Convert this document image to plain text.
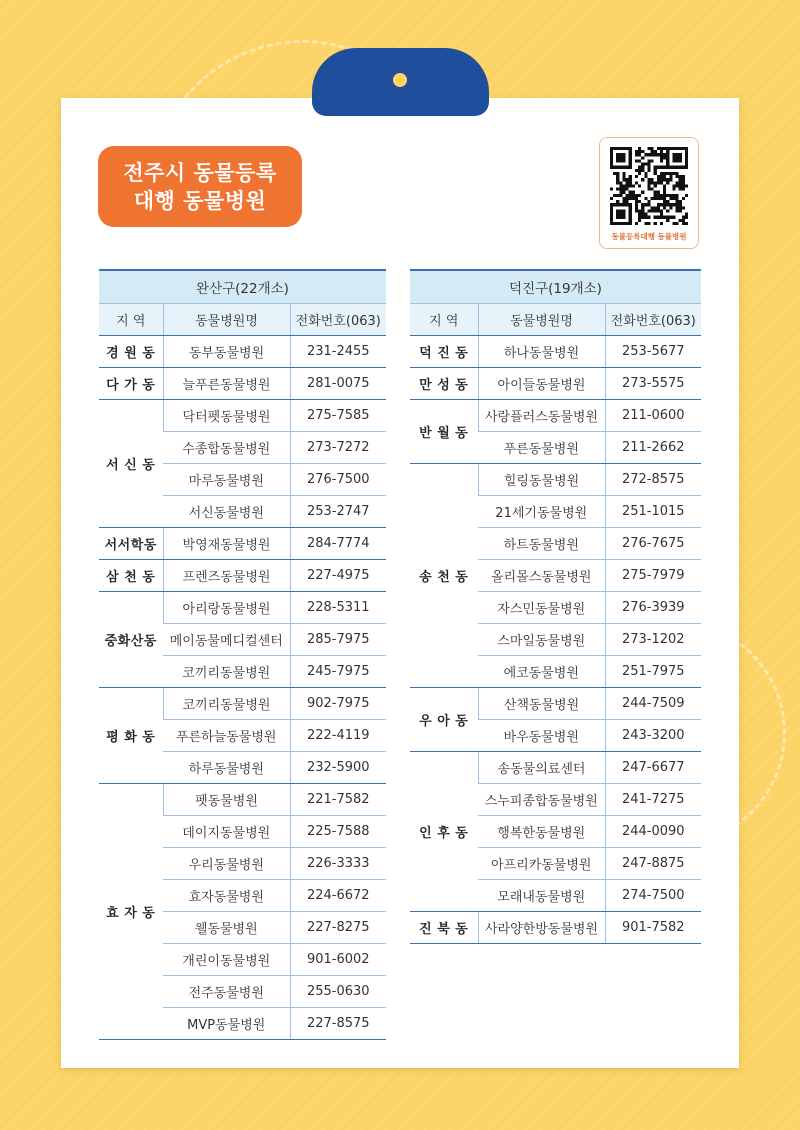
전주시 동물등록
대행 동물병원
동물등록대행 동물병원
완산구(22개소)		
지 역	동물병원명	전화번호(063)
경 원 동	동부동물병원	231-2455
다 가 동	늘푸른동물병원	281-0075
서 신 동	닥터펫동물병원	275-7585
	수종합동물병원	273-7272
	마루동물병원	276-7500
	서신동물병원	253-2747
서서학동	박영재동물병원	284-7774
삼 천 동	프렌즈동물병원	227-4975
중화산동	아리랑동물병원	228-5311
	메이동물메디컬센터	285-7975
	코끼리동물병원	245-7975
평 화 동	코끼리동물병원	902-7975
	푸른하늘동물병원	222-4119
	하루동물병원	232-5900
효 자 동	펫동물병원	221-7582
	데이지동물병원	225-7588
	우리동물병원	226-3333
	효자동물병원	224-6672
	웰동물병원	227-8275
	개린이동물병원	901-6002
	전주동물병원	255-0630
	MVP동물병원	227-8575
덕진구(19개소)		
지 역	동물병원명	전화번호(063)
덕 진 동	하나동물병원	253-5677
만 성 동	아이들동물병원	273-5575
반 월 동	사랑플러스동물병원	211-0600
	푸른동물병원	211-2662
송 천 동	힐링동물병원	272-8575
	21세기동물병원	251-1015
	하트동물병원	276-7675
	올리몰스동물병원	275-7979
	자스민동물병원	276-3939
	스마일동물병원	273-1202
	에코동물병원	251-7975
우 아 동	산책동물병원	244-7509
	바우동물병원	243-3200
인 후 동	송동물의료센터	247-6677
	스누피종합동물병원	241-7275
	행복한동물병원	244-0090
	아프리카동물병원	247-8875
	모래내동물병원	274-7500
진 북 동	사라양한방동물병원	901-7582
